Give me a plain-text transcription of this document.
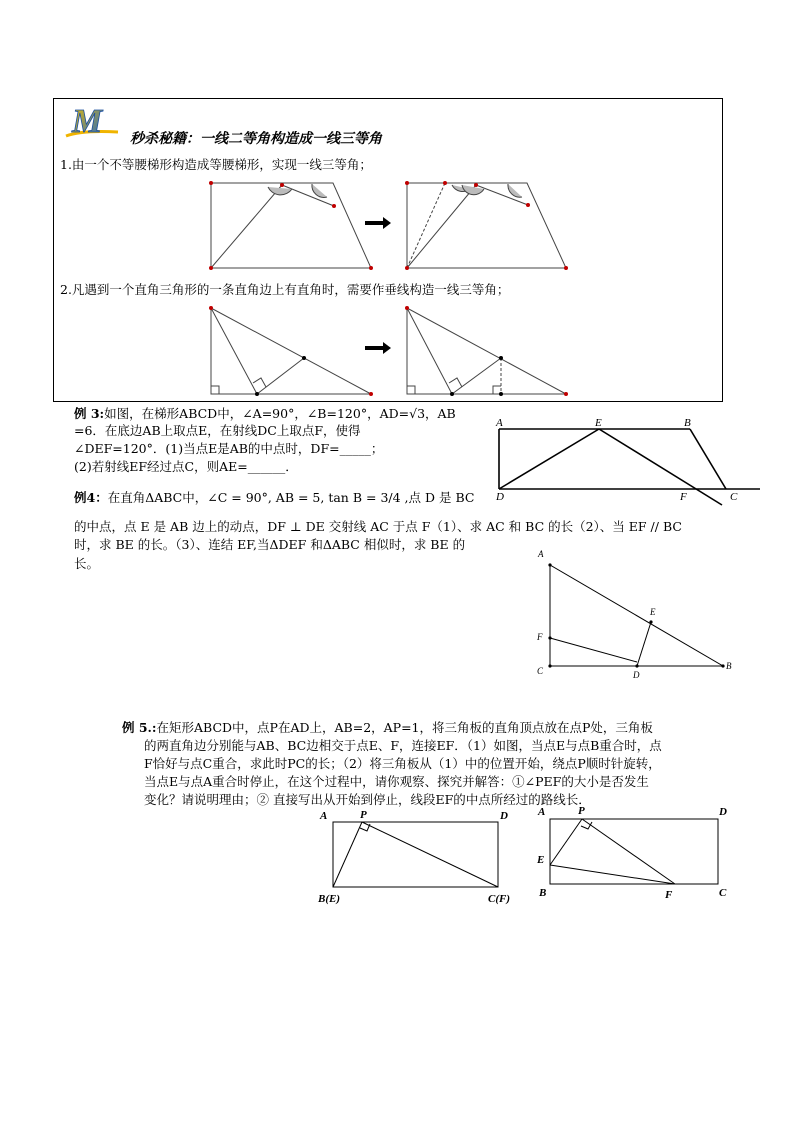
M 秒杀秘籍：一线二等角构造成一线三等角
1.由一个不等腰梯形构造成等腰梯形，实现一线三等角；
2.凡遇到一个直角三角形的一条直角边上有直角时，需要作垂线构造一线三等角；
例 3:如图，在梯形ABCD中，∠A=90°，∠B=120°，AD=√3，AB
=6．在底边AB上取点E，在射线DC上取点F，使得
∠DEF=120°．(1)当点E是AB的中点时，DF=_____；
(2)若射线EF经过点C，则AE=______．
A	E	B
D	F	C
例4：在直角ΔABC中，∠C = 90°, AB = 5, tan B = 3/4 ,点 D 是 BC
的中点，点 E 是 AB 边上的动点，DF ⊥ DE 交射线 AC 于点 F（1）、求 AC 和 BC 的长（2）、当 EF // BC
时，求 BE 的长。（3）、连结 EF,当ΔDEF 和ΔABC 相似时，求 BE 的
长。
A
E
F
C	D
B
例 5.:在矩形ABCD中，点P在AD上，AB=2，AP=1，将三角板的直角顶点放在点P处，三角板
的两直角边分别能与AB、BC边相交于点E、F，连接EF．（1）如图，当点E与点B重合时，点
F恰好与点C重合，求此时PC的长；（2）将三角板从（1）中的位置开始，绕点P顺时针旋转，
当点E与点A重合时停止，在这个过程中，请你观察、探究并解答：①∠PEF的大小是否发生
变化？请说明理由；② 直接写出从开始到停止，线段EF的中点所经过的路线长．
A	P	D
B(E)	C(F)
A	P	D
E
B	F	C
